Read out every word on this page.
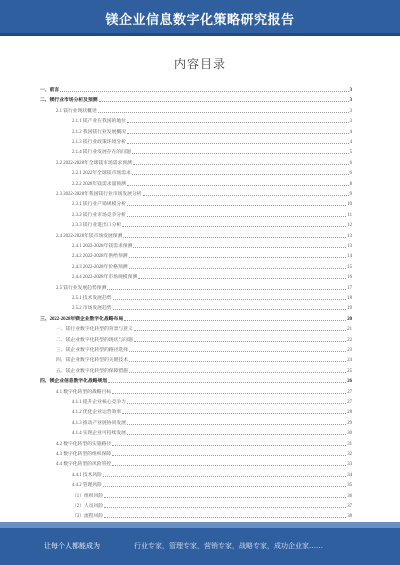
镁企业信息数字化策略研究报告
内容目录
一、前言	3
二、镁行业市场分析及预测	3
2.1 镁行业现状概述	3
2.1.1 镁产业在我国的地位	3
2.1.2 我国镁行业发展概况	4
2.1.3 镁行业政策环境分析	4
2.1.4 镁行业发展存在的问题	5
2.2 2022-2028年全球镁市场需求预测	6
2.2.1 2022年全球镁市场需求	6
2.2.2 2028年镁需求量预测	8
2.3 2022-2028年我国镁行业市场发展分析	9
2.3.1 镁行业产销规模分析	10
2.3.2 镁行业市场竞争分析	11
2.3.3 镁行业进出口分析	12
2.4 2022-2028年镁市场发展预测	13
2.4.1 2022-2028年镁需求预测	13
2.4.2 2022-2028年供给预测	14
2.4.3 2022-2028年价格预测	15
2.4.4 2022-2028年市场规模预测	16
2.5 镁行业发展趋势预测	17
2.5.1 技术发展趋势	18
2.5.2 市场发展趋势	19
三、2022-2028年镁企业数字化战略布局	20
一、镁行业数字化转型的背景与意义	21
二、镁企业数字化转型的现状与问题	22
三、镁企业数字化转型的路径选择	23
四、镁企业数字化转型的关键技术	24
五、镁企业数字化转型的保障措施	25
四、镁企业信息数字化战略规划	26
4.1 数字化转型的战略目标	27
4.1.1 提升企业核心竞争力	27
4.1.2 优化企业运营效率	28
4.1.3 推动产业链协同发展	29
4.1.4 实现企业可持续发展	30
4.2 数字化转型的实施路径	31
4.3 数字化转型的组织保障	32
4.4 数字化转型的风险管控	33
4.4.1 技术风险	34
4.4.2 管理风险	35
（1）组织风险	36
（2）人员风险	37
（3）流程风险	38
让每个人都能成为	行业专家，管理专家，营销专家，战略专家，成功企业家……
